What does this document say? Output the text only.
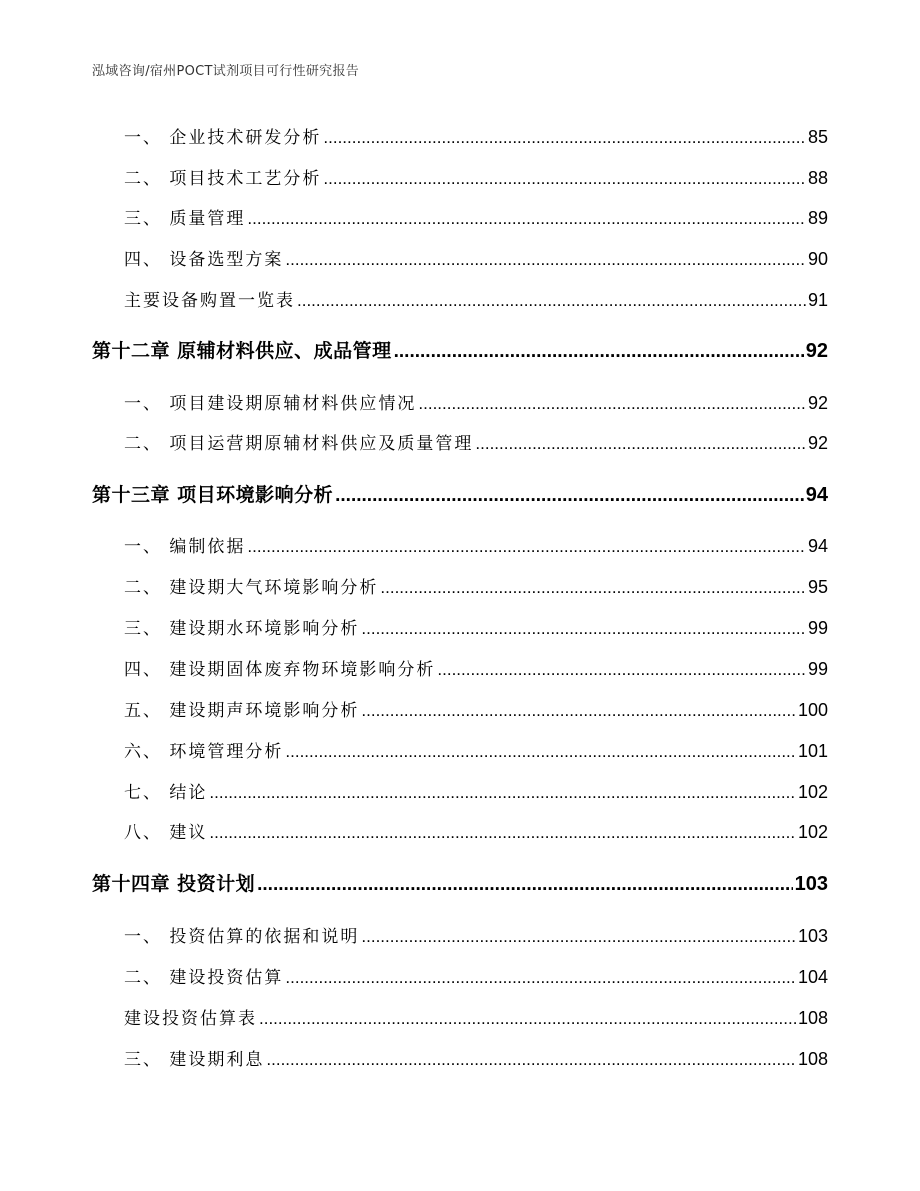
泓域咨询/宿州POCT试剂项目可行性研究报告
一、 企业技术研发分析 .....	85
二、 项目技术工艺分析 .....	88
三、 质量管理 .....	89
四、 设备选型方案 .....	90
主要设备购置一览表 .....	91
第十二章 原辅材料供应、成品管理 .....	92
一、 项目建设期原辅材料供应情况 .....	92
二、 项目运营期原辅材料供应及质量管理 .....	92
第十三章 项目环境影响分析 .....	94
一、 编制依据 .....	94
二、 建设期大气环境影响分析 .....	95
三、 建设期水环境影响分析 .....	99
四、 建设期固体废弃物环境影响分析 .....	99
五、 建设期声环境影响分析 .....	100
六、 环境管理分析 .....	101
七、 结论 .....	102
八、 建议 .....	102
第十四章 投资计划 .....	103
一、 投资估算的依据和说明 .....	103
二、 建设投资估算 .....	104
建设投资估算表 .....	108
三、 建设期利息 .....	108
